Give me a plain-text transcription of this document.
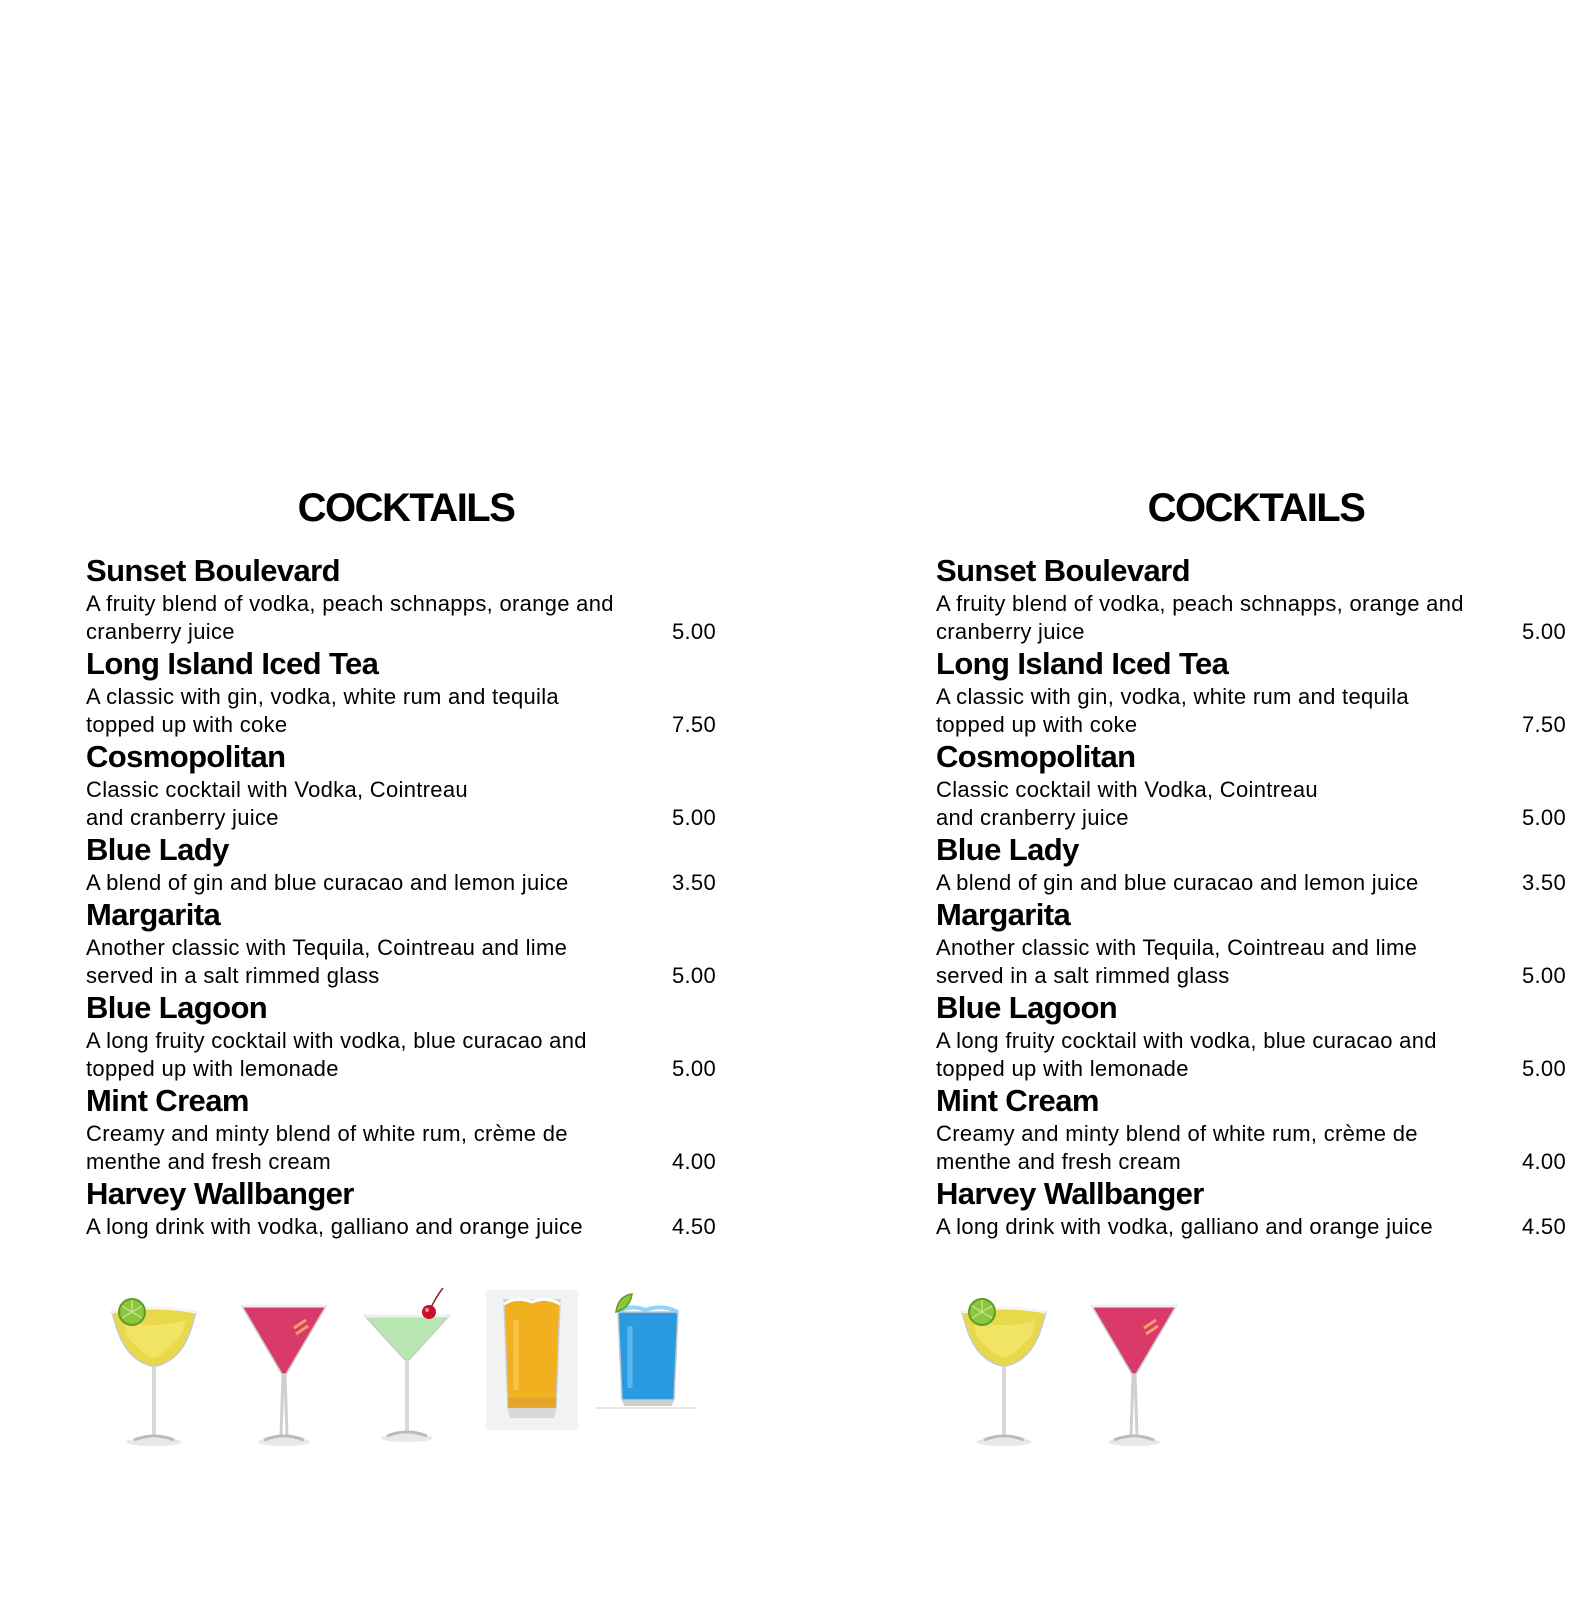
COCKTAILS
Sunset Boulevard
A fruity blend of vodka, peach schnapps, orange and
cranberry juice	5.00
Long Island Iced Tea
A classic with gin, vodka, white rum and tequila
topped up with coke	7.50
Cosmopolitan
Classic cocktail with Vodka, Cointreau
and cranberry juice	5.00
Blue Lady
A blend of gin and blue curacao and lemon juice	3.50
Margarita
Another classic with Tequila, Cointreau and lime
served in a salt rimmed glass	5.00
Blue Lagoon
A long fruity cocktail with vodka, blue curacao and
topped up with lemonade	5.00
Mint Cream
Creamy and minty blend of white rum, crème de
menthe and fresh cream	4.00
Harvey Wallbanger
A long drink with vodka, galliano and orange juice	4.50
COCKTAILS
Sunset Boulevard
A fruity blend of vodka, peach schnapps, orange and
cranberry juice	5.00
Long Island Iced Tea
A classic with gin, vodka, white rum and tequila
topped up with coke	7.50
Cosmopolitan
Classic cocktail with Vodka, Cointreau
and cranberry juice	5.00
Blue Lady
A blend of gin and blue curacao and lemon juice	3.50
Margarita
Another classic with Tequila, Cointreau and lime
served in a salt rimmed glass	5.00
Blue Lagoon
A long fruity cocktail with vodka, blue curacao and
topped up with lemonade	5.00
Mint Cream
Creamy and minty blend of white rum, crème de
menthe and fresh cream	4.00
Harvey Wallbanger
A long drink with vodka, galliano and orange juice	4.50
